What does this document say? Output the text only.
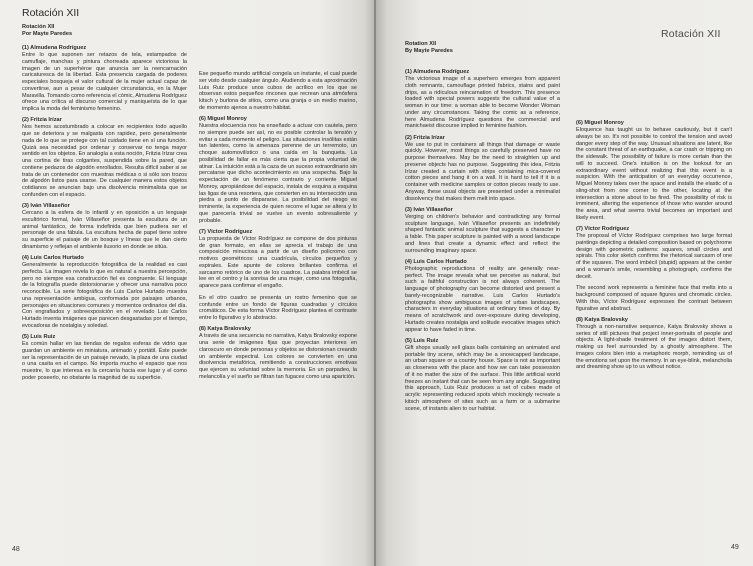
Rotación XII
Rotación XII
Por Mayte Paredes
(1) Almudena Rodríguez

Entre lo que suponen ser retazos de tela, estampados de camuflaje, manchas y pintura chorreada aparece victoriosa la imagen de un superhéroe que anuncia ser la reencarnación caricaturesca de la libertad. Esta presencia cargada de poderes especiales bosqueja el valor cultural de la mujer actual capaz de convertirse, aun a pesar de cualquier circunstancia, en la Mujer Maravilla. Tomando como referencia el cómic, Almudena Rodríguez ofrece una crítica al discurso comercial y maniqueísta de lo que implica la moda del feminismo femenino.

(2) Fritzia Irízar

Nos hemos acostumbrado a colocar en recipientes todo aquello que se deteriora y se malgasta con rapidez, pero generalmente nada de lo que se protege con tal cuidado tiene en sí una función. Quizá sea necesidad por ordenar y conservar no tenga mayor sentido en los objetos. En analogía a esta noción, Fritzia Irízar crea una cortina de tiras colgantes, suspendida sobre la pared, que contiene pedazos de algodón enrollados. Resulta difícil saber si se trata de un contenedor con muestras médicas o si sólo son trozos de algodón listos para usarse. De cualquier manera estos objetos cotidianos se anuncian bajo una disolvencia minimalista que se confunden con el espacio.

(3) Iván Villaseñor

Cercano a la esfera de lo infantil y en oposición a un lenguaje escultórico formal, Iván Villaseñor presenta la escultura de un animal fantástico, de forma indefinida que bien pudiera ser el personaje de una fábula. La escultura hecha de papel tiene sobre su superficie el paisaje de un bosque y líneas que le dan cierto dinamismo y reflejan el ambiente ilusorio en donde se sitúa.

(4) Luis Carlos Hurtado

Generalmente la reproducción fotográfica de la realidad es casi perfecta. La imagen revela lo que es natural a nuestra percepción, pero no siempre esa construcción fiel es congruente. El lenguaje de la fotografía puede distorsionarse y ofrecer una narrativa poco reconocible. La serie fotográfica de Luis Carlos Hurtado muestra una representación ambigua, conformada por paisajes urbanos, personajes en situaciones comunes y momentos ordinarios del día. Con engrafiados y sobreexposición en el revelado Luis Carlos Hurtado inventa imágenes que parecen desgastadas por el tiempo, evocadoras de nostalgia y soledad.

(5) Luis Ruiz

Es común hallar en las tiendas de regalos esferas de vidrio que guardan un ambiente en miniatura, animado y portátil. Éste puede ser la representación de un paisaje nevado, la plaza de una ciudad o una casita en el campo. No importa mucho el espacio que nos muestre, lo que interesa es la cercanía hacia ese lugar y el como poder poseerlo, no obstante la magnitud de su superficie.

Ese pequeño mundo artificial congela un instante, el cual puede ser visto desde cualquier ángulo. Aludiendo a esta aproximación Luis Ruiz produce unos cubos de acrílico en los que se observan estos pequeños rincones que recrean una atmósfera kitsch y burlona de sitios, como una granja o un medio marino, de momento ajenos a nuestro hábitat.

(6) Miguel Monroy

Nuestra elocuencia nos ha enseñado a actuar con cautela, pero no siempre puede ser así, no es posible controlar la tensión y evitar a cada momento el peligro. Las situaciones insólitas están tan latentes, como la amenaza perenne de un terremoto, un choque automovilístico o una caída en la banqueta. La posibilidad de fallar es más cierta que la propia voluntad de atinar. La intuición está a la caza de un suceso extraordinario sin percatarse que dicho acontecimiento es una sospecha. Bajo la expectación de un fenómeno contrario y corriente Miguel Monroy, apropiándose del espacio, instala de esquina a esquina las ligas de una resortera, que convierten en su intersección una piedra a punto de dispararse. La posibilidad del riesgo es inminente, la experiencia de quien recorre el lugar se altera y lo que parecería trivial se vuelve un evento sobresaliente y probable.

(7) Víctor Rodríguez

La propuesta de Víctor Rodríguez se compone de dos pinturas de gran formato, en ellas se aprecia el trabajo de una composición minuciosa a partir de un diseño policromo con motivos geométricos: una cuadrícula, círculos pequeños y espirales. Este apunte de colores brillantes confirma el sarcasmo retórico de uno de los cuadros. La palabra imbécil se lee en el centro y la sonrisa de una mujer, como una fotografía, aparece para confirmar el engaño.

En el otro cuadro se presenta un rostro femenino que se confunde entre un fondo de figuras cuadradas y círculos cromáticos. De esta forma Víctor Rodríguez plantea el contraste entre lo figurativo y lo abstracto.

(8) Katya Bralovsky

A través de una secuencia no narrativa, Katya Bralovsky expone una serie de imágenes fijas que proyectan interiores en claroscuro en donde personas y objetos se distorsionan creando un ambiente espectral. Los colores se convierten en una disolvencia metafórica, remitiendo a construcciones emotivas que ejercen su voluntad sobre la memoria. En un parpadeo, la melancolía y el sueño se filtran tan fugaces como una aparición.

48
Rotación XII
Rotation XII
By Mayte Paredes
(1) Almudena Rodríguez

The victorious image of a superhero emerges from apparent cloth remnants, camouflage printed fabrics, stains and paint drips, as a ridiculous reincarnation of freedom. This presence loaded with special powers suggests the cultural value of a woman in our time: a woman able to become Wonder Woman under any circumstances. Taking the comic as a reference, here Almudena Rodríguez questions the commercial and manichaeist discourse implied in feminine fashion.

(2) Fritzia Irízar

We use to put in containers all things that damage or waste quickly. However, most things so carefully preserved have no purpose themselves. May be the need to straighten up and preserve objects has no purpose. Suggesting this idea, Fritzia Irízar created a curtain with strips containing mica-covered cotton pieces and hang it on a wall. It is hard to tell if it is a container with medicine samples or cotton pieces ready to use. Anyway, these usual objects are presented under a minimalist dissolvency that makes them melt into space.

(3) Iván Villaseñor

Verging on children's behavior and contradicting any formal sculpture language, Iván Villaseñor presents an indefinitely shaped fantastic animal sculpture that suggests a character in a fable. This paper sculpture is painted with a wood landscape and lines that create a dynamic effect and reflect the surrounding imaginary space.

(4) Luis Carlos Hurtado

Photographic reproductions of reality are generally near-perfect. The image reveals what we perceive as natural, but such a faithful construction is not always coherent. The language of photography can become distorted and present a barely-recognizable narrative. Luis Carlos Hurtado's photographs show ambiguous images of urban landscapes, characters in everyday situations at ordinary times of day. By means of scratchwork and over-exposure during developing, Hurtado creates nostalgia and solitude evocative images which appear to have faded in time.

(5) Luis Ruiz

Gift shops usually sell glass balls containing an animated and portable tiny scene, which may be a snowcapped landscape, an urban square or a country house. Space is not as important as closeness with the place and how we can take possession of it no matter the size of the surface. This little artificial world freezes an instant that can be seen from any angle. Suggesting this approach, Luis Ruiz produces a set of cubes made of acrylic representing reduced spots which mockingly recreate a kitsch atmosphere of sites such as a farm or a submarine scene, of instants alien to our habitat.

(6) Miguel Monroy

Eloquence has taught us to behave cautiously, but it can't always be so. It's not possible to control the tension and avoid danger every step of the way. Unusual situations are latent, like the constant threat of an earthquake, a car crash or tripping on the sidewalk. The possibility of failure is more certain than the will to succeed. One's intuition is on the lookout for an extraordinary event without realizing that this event is a suspicion. With the anticipation of an everyday occurrence, Miguel Monroy takes over the space and installs the elastic of a sling-shot from one corner to the other, locating at the intersection a stone about to be fired. The possibility of risk is imminent, altering the experience of those who wander around the area, and what seems trivial becomes an important and likely event.

(7) Víctor Rodríguez

The proposal of Víctor Rodríguez comprises two large format paintings depicting a detailed composition based on polychrome design with geometric patterns: squares, small circles and spirals. This color sketch confirms the rhetorical sarcasm of one of the squares. The word imbécil (stupid) appears at the center and a woman's smile, resembling a photograph, confirms the deceit.

The second work represents a feminine face that melts into a background composed of square figures and chromatic circles. With this, Víctor Rodríguez expresses the contrast between figurative and abstract.

(8) Katya Bralovsky

Through a non-narrative sequence, Katya Bralovsky shows a series of still pictures that project inner-portraits of people and objects. A light-shade treatment of the images distort them, making us feel surrounded by a ghostly atmosphere. The images colors blen into a metaphoric morph, reminding us of the emotions set upon the memory. In an eye-blink, melancholia and dreaming show up to us without notice.

49
